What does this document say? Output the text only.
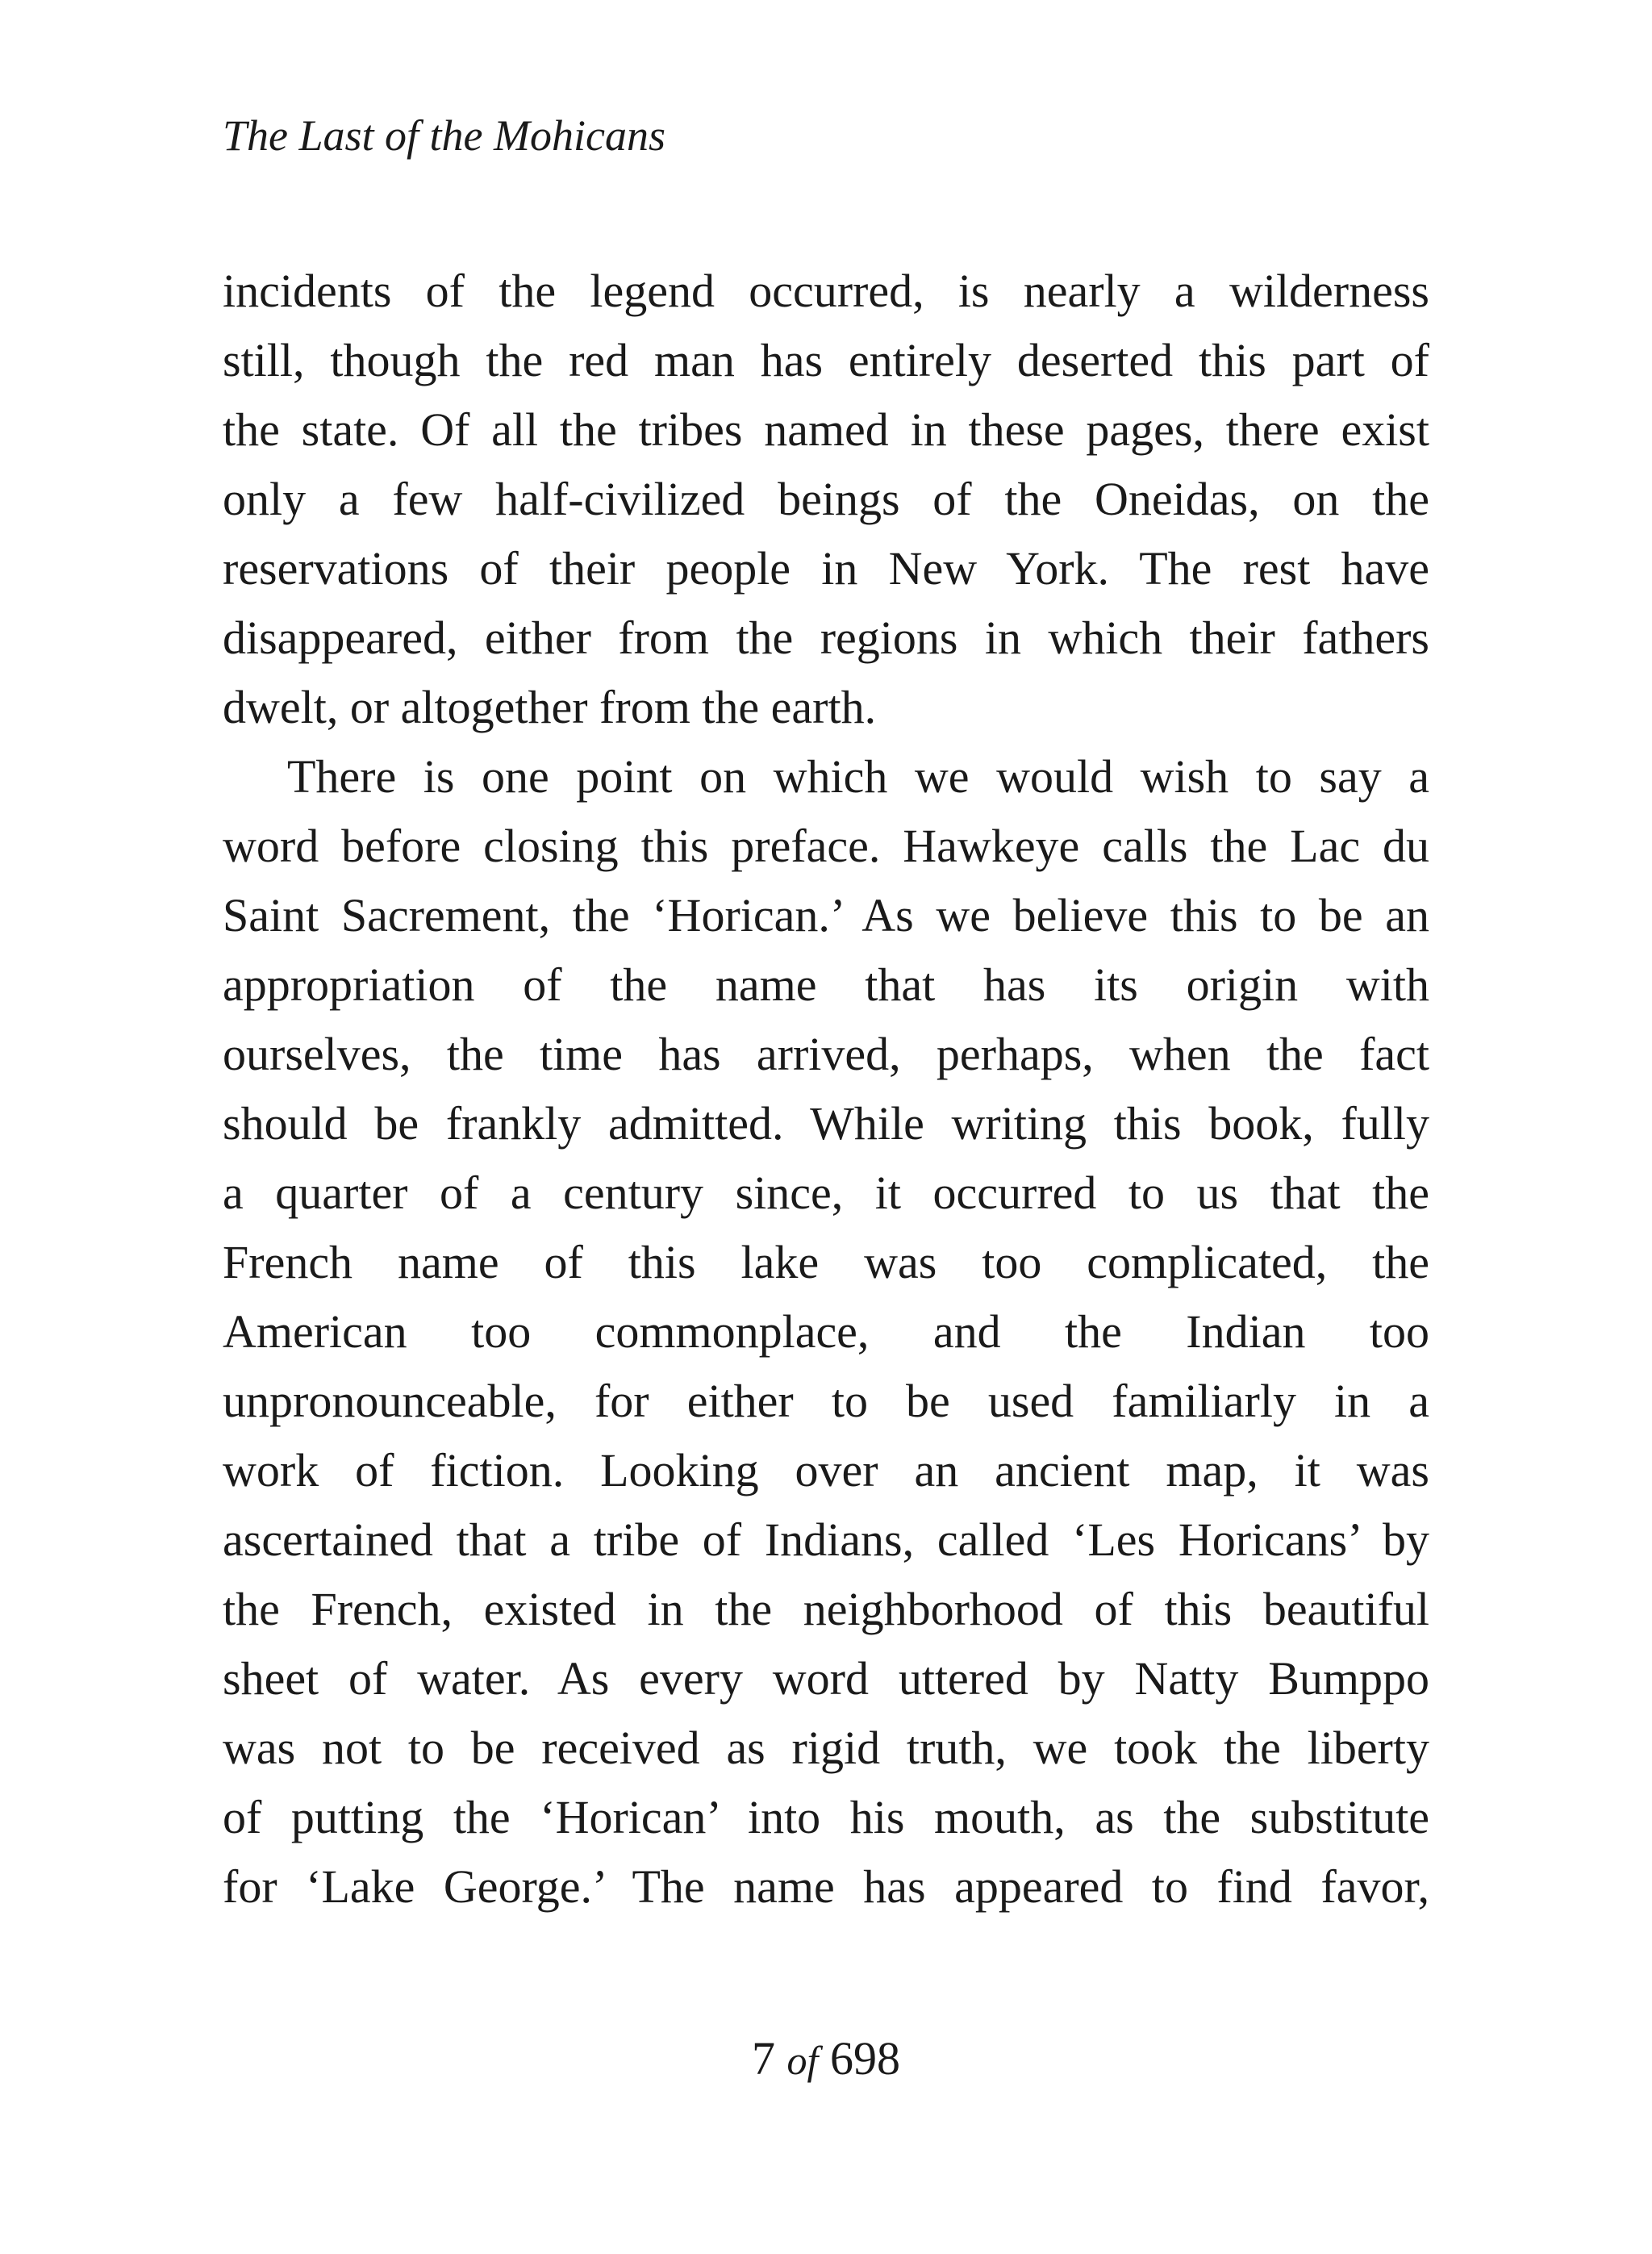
The Last of the Mohicans
incidents of the legend occurred, is nearly a wilderness
still, though the red man has entirely deserted this part of
the state. Of all the tribes named in these pages, there exist
only a few half-civilized beings of the Oneidas, on the
reservations of their people in New York. The rest have
disappeared, either from the regions in which their fathers
dwelt, or altogether from the earth.
There is one point on which we would wish to say a
word before closing this preface. Hawkeye calls the Lac du
Saint Sacrement, the ‘Horican.’ As we believe this to be an
appropriation of the name that has its origin with
ourselves, the time has arrived, perhaps, when the fact
should be frankly admitted. While writing this book, fully
a quarter of a century since, it occurred to us that the
French name of this lake was too complicated, the
American too commonplace, and the Indian too
unpronounceable, for either to be used familiarly in a
work of fiction. Looking over an ancient map, it was
ascertained that a tribe of Indians, called ‘Les Horicans’ by
the French, existed in the neighborhood of this beautiful
sheet of water. As every word uttered by Natty Bumppo
was not to be received as rigid truth, we took the liberty
of putting the ‘Horican’ into his mouth, as the substitute
for ‘Lake George.’ The name has appeared to find favor,
7 of 698
